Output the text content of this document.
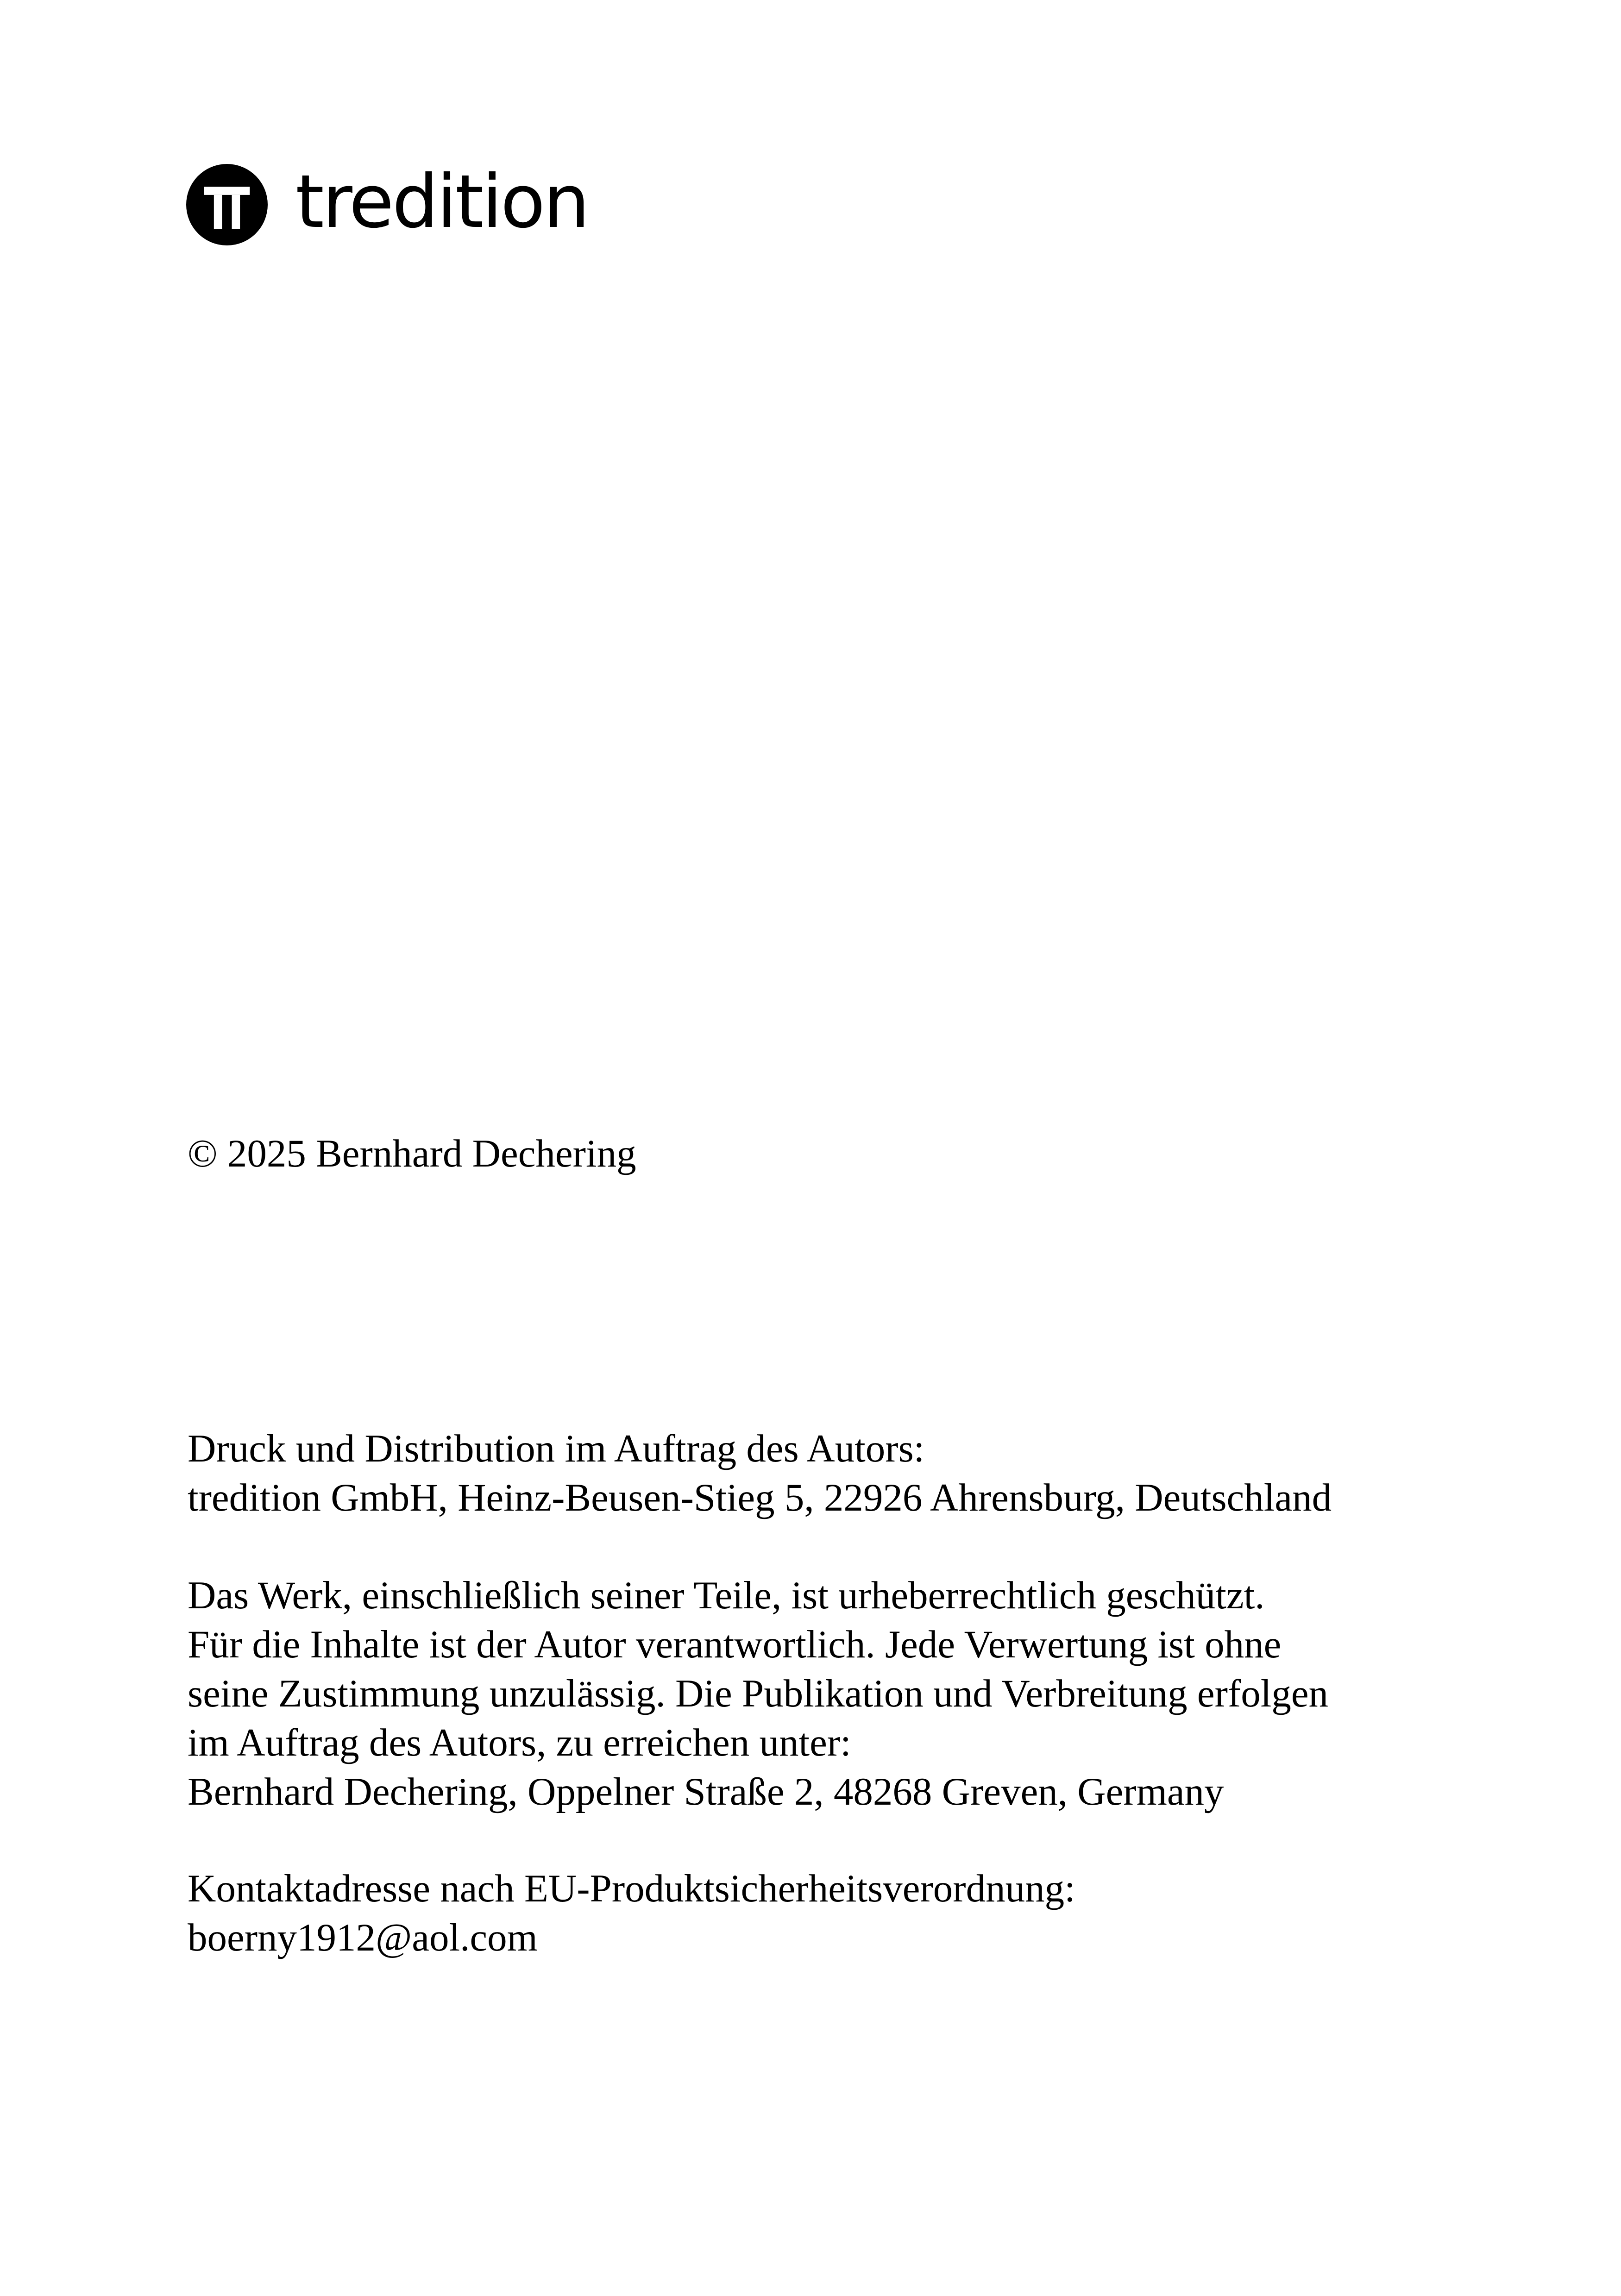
tredition

© 2025 Bernhard Dechering

Druck und Distribution im Auftrag des Autors:

tredition GmbH, Heinz-Beusen-Stieg 5, 22926 Ahrensburg, Deutschland

Das Werk, einschließlich seiner Teile, ist urheberrechtlich geschützt.

Für die Inhalte ist der Autor verantwortlich. Jede Verwertung ist ohne

seine Zustimmung unzulässig. Die Publikation und Verbreitung erfolgen

im Auftrag des Autors, zu erreichen unter:

Bernhard Dechering, Oppelner Straße 2, 48268 Greven, Germany

Kontaktadresse nach EU-Produktsicherheitsverordnung:

boerny1912@aol.com
